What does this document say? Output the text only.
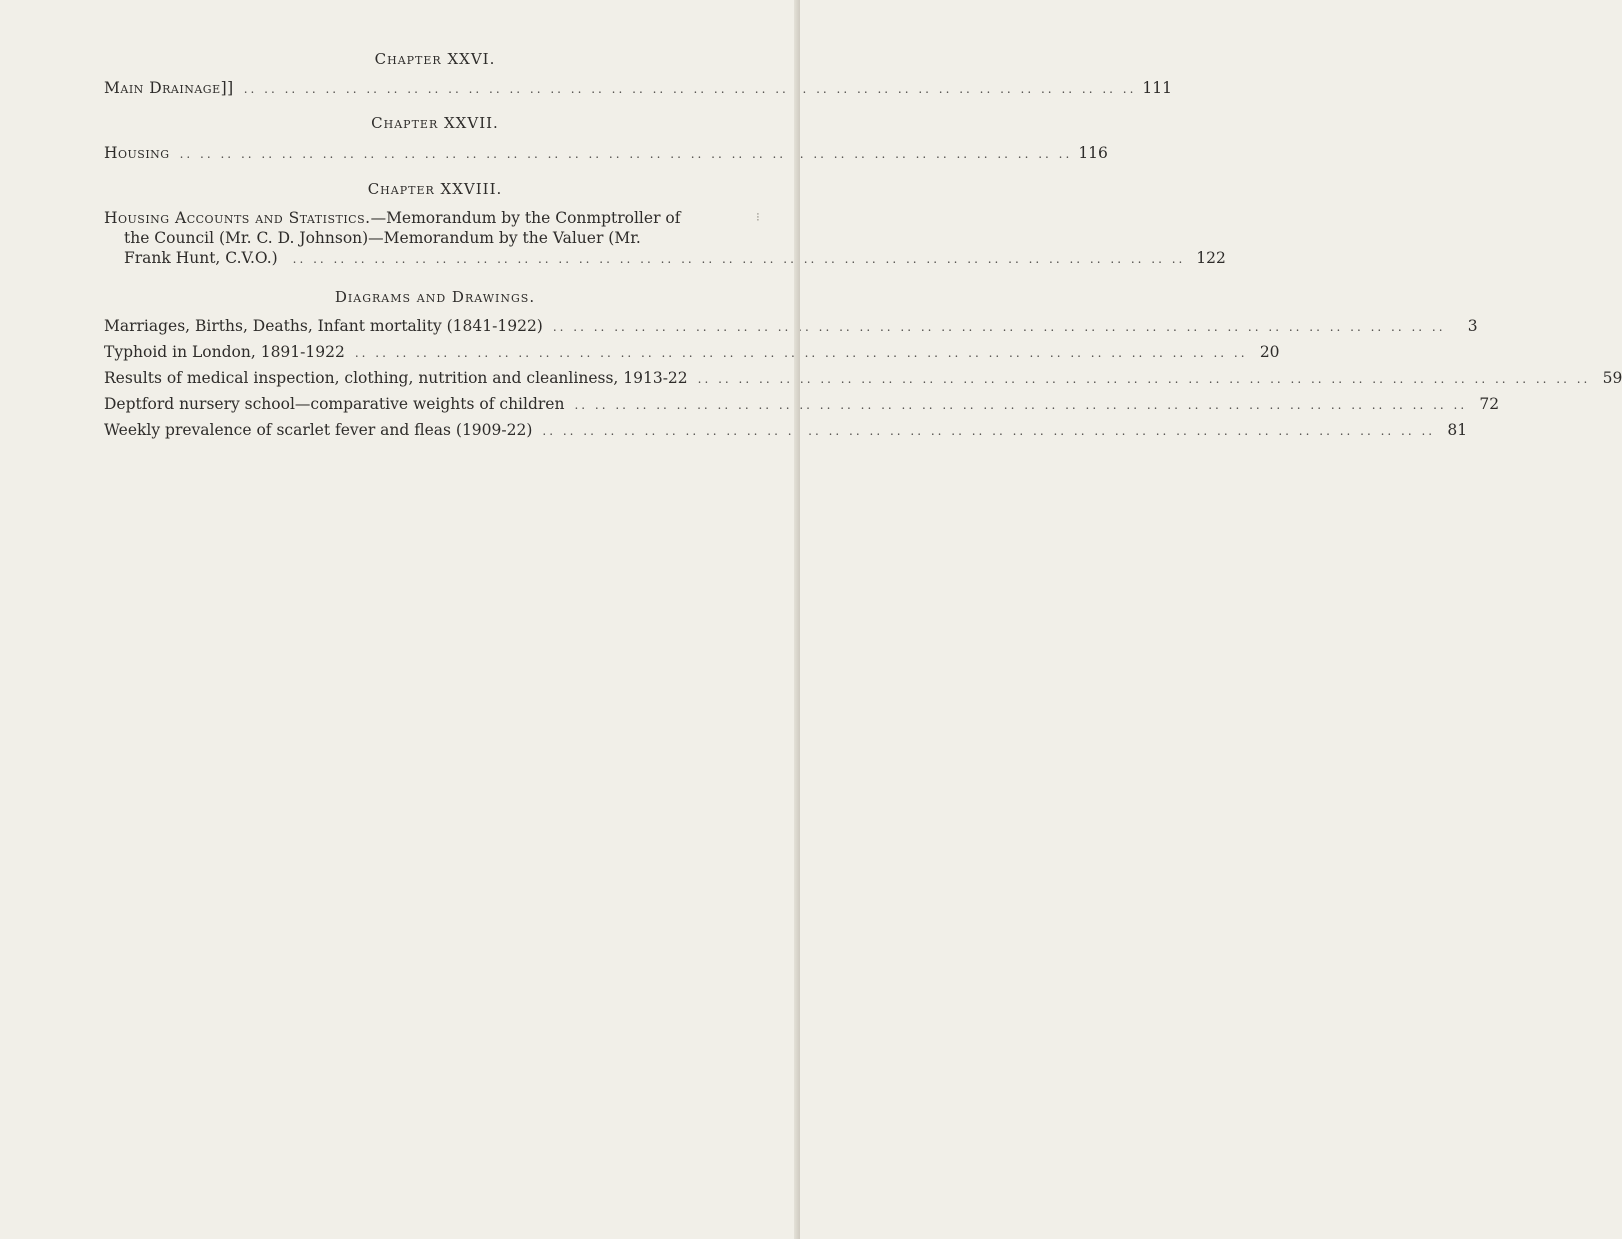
Chapter XXVI.
Main Drainage]] .. ..	111
Chapter XXVII.
Housing .. ..	116
Chapter XXVIII.
Housing Accounts and Statistics.—Memorandum by the Conmptroller of
the Council (Mr. C. D. Johnson)—Memorandum by the Valuer (Mr.
Frank Hunt, C.V.O.) .. ..	122
Diagrams and Drawings.
Marriages, Births, Deaths, Infant mortality (1841-1922) .. ..	3
Typhoid in London, 1891-1922 .. ..	20
Results of medical inspection, clothing, nutrition and cleanliness, 1913-22 .. ..	59
Deptford nursery school—comparative weights of children .. ..	72
Weekly prevalence of scarlet fever and fleas (1909-22) .. ..	81
⁝
